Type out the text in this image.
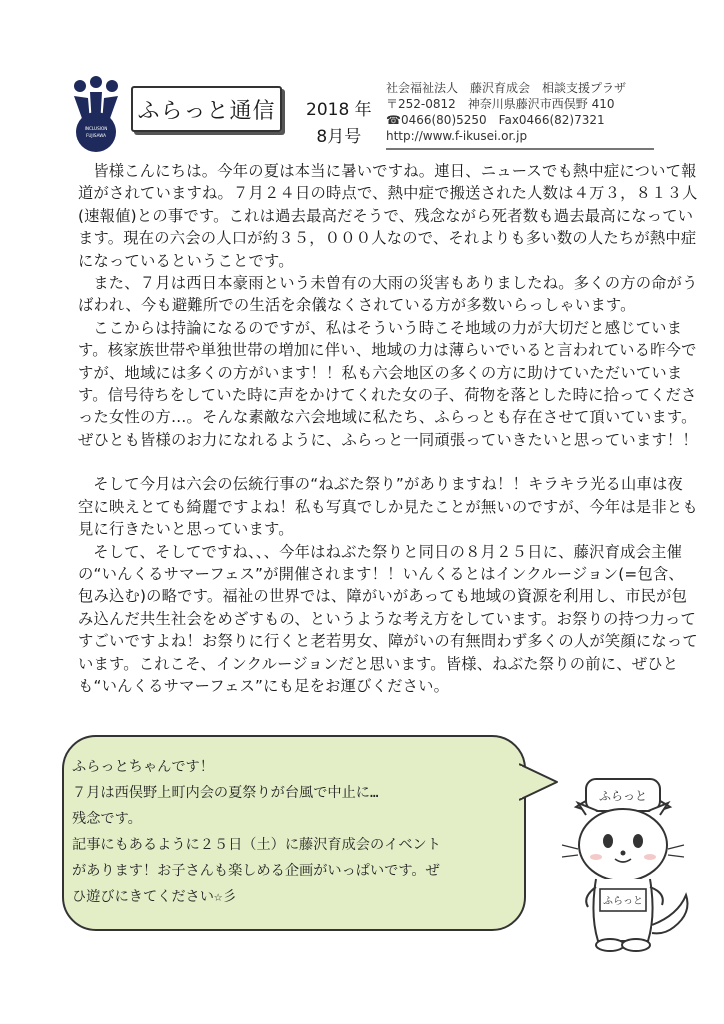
INCLUSION
FUJISAWA
ふらっと通信 2018 年
8月号
社会福祉法人　藤沢育成会　相談支援プラザ
〒252-0812　神奈川県藤沢市西俣野 410
☎0466(80)5250　Fax0466(82)7321
http://www.f-ikusei.or.jp

皆様こんにちは。今年の夏は本当に暑いですね。連日、ニュースでも熱中症について報道がされていますね。７月２４日の時点で、熱中症で搬送された人数は４万３，８１３人(速報値)との事です。これは過去最高だそうで、残念ながら死者数も過去最高になっています。現在の六会の人口が約３５，０００人なので、それよりも多い数の人たちが熱中症になっているということです。

また、７月は西日本豪雨という未曽有の大雨の災害もありましたね。多くの方の命がうばわれ、今も避難所での生活を余儀なくされている方が多数いらっしゃいます。

ここからは持論になるのですが、私はそういう時こそ地域の力が大切だと感じています。核家族世帯や単独世帯の増加に伴い、地域の力は薄らいでいると言われている昨今ですが、地域には多くの方がいます！！私も六会地区の多くの方に助けていただいています。信号待ちをしていた時に声をかけてくれた女の子、荷物を落とした時に拾ってくださった女性の方…。そんな素敵な六会地域に私たち、ふらっとも存在させて頂いています。ぜひとも皆様のお力になれるように、ふらっと一同頑張っていきたいと思っています！！

そして今月は六会の伝統行事の“ねぶた祭り”がありますね！！キラキラ光る山車は夜空に映えとても綺麗ですよね！私も写真でしか見たことが無いのですが、今年は是非とも見に行きたいと思っています。

そして、そしてですね、、、今年はねぶた祭りと同日の８月２５日に、藤沢育成会主催の“いんくるサマーフェス”が開催されます！！いんくるとはインクルージョン(=包含、包み込む)の略です。福祉の世界では、障がいがあっても地域の資源を利用し、市民が包み込んだ共生社会をめざすもの、というような考え方をしています。お祭りの持つ力ってすごいですよね！お祭りに行くと老若男女、障がいの有無問わず多くの人が笑顔になっています。これこそ、インクルージョンだと思います。皆様、ねぶた祭りの前に、ぜひとも“いんくるサマーフェス”にも足をお運びください。

ふらっとちゃんです！
７月は西俣野上町内会の夏祭りが台風で中止に…
残念です。
記事にもあるように２５日（土）に藤沢育成会のイベント
があります！お子さんも楽しめる企画がいっぱいです。ぜ
ひ遊びにきてください☆彡
ふらっと
ふらっと
